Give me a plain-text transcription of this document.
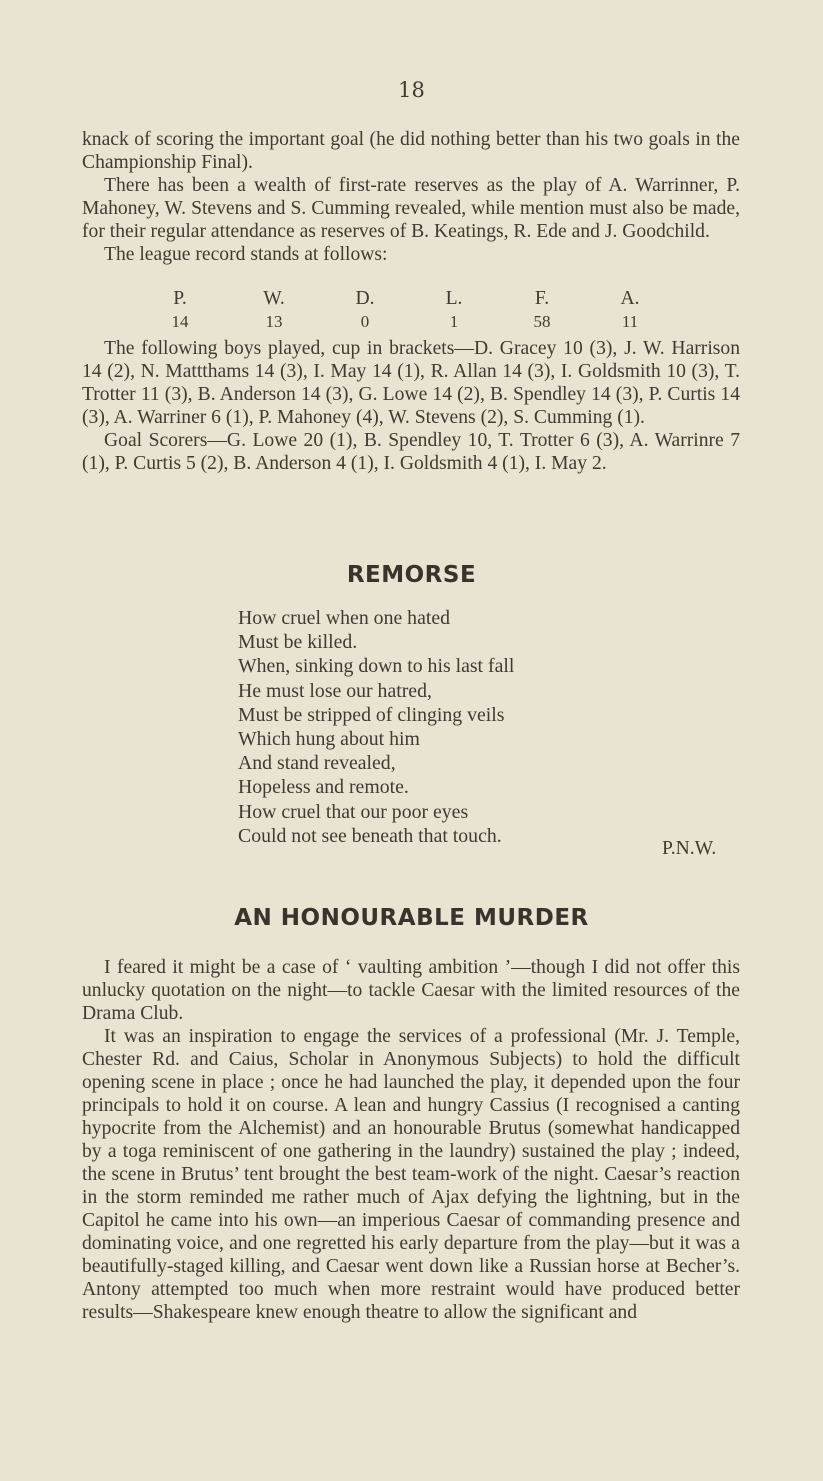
18

knack of scoring the important goal (he did nothing better than his two goals in the Championship Final).

There has been a wealth of first-rate reserves as the play of A. Warrinner, P. Mahoney, W. Stevens and S. Cumming revealed, while mention must also be made, for their regular attendance as reserves of B. Keatings, R. Ede and J. Goodchild.

The league record stands at follows:

P.	W.	D.	L.	F.	A.
14	13	0	1	58	11

The following boys played, cup in brackets—D. Gracey 10 (3), J. W. Harrison 14 (2), N. Mattthams 14 (3), I. May 14 (1), R. Allan 14 (3), I. Goldsmith 10 (3), T. Trotter 11 (3), B. Anderson 14 (3), G. Lowe 14 (2), B. Spendley 14 (3), P. Curtis 14 (3), A. Warriner 6 (1), P. Mahoney (4), W. Stevens (2), S. Cumming (1).

Goal Scorers—G. Lowe 20 (1), B. Spendley 10, T. Trotter 6 (3), A. Warrinre 7 (1), P. Curtis 5 (2), B. Anderson 4 (1), I. Goldsmith 4 (1), I. May 2.

REMORSE
How cruel when one hated
Must be killed.
When, sinking down to his last fall
He must lose our hatred,
Must be stripped of clinging veils
Which hung about him
And stand revealed,
Hopeless and remote.
How cruel that our poor eyes
Could not see beneath that touch.
P.N.W.
AN HONOURABLE MURDER

I feared it might be a case of ‘ vaulting ambition ’—though I did not offer this unlucky quotation on the night—to tackle Caesar with the limited resources of the Drama Club.

It was an inspiration to engage the services of a professional (Mr. J. Temple, Chester Rd. and Caius, Scholar in Anonymous Subjects) to hold the difficult opening scene in place ; once he had launched the play, it depended upon the four principals to hold it on course. A lean and hungry Cassius (I recognised a canting hypocrite from the Alchemist) and an honourable Brutus (somewhat handicapped by a toga reminiscent of one gathering in the laundry) sustained the play ; indeed, the scene in Brutus’ tent brought the best team-work of the night. Caesar’s reaction in the storm reminded me rather much of Ajax defying the lightning, but in the Capitol he came into his own—an imperious Caesar of commanding presence and dominating voice, and one regretted his early departure from the play—but it was a beautifully-staged killing, and Caesar went down like a Russian horse at Becher’s. Antony attempted too much when more restraint would have produced better results—Shakespeare knew enough theatre to allow the significant and
